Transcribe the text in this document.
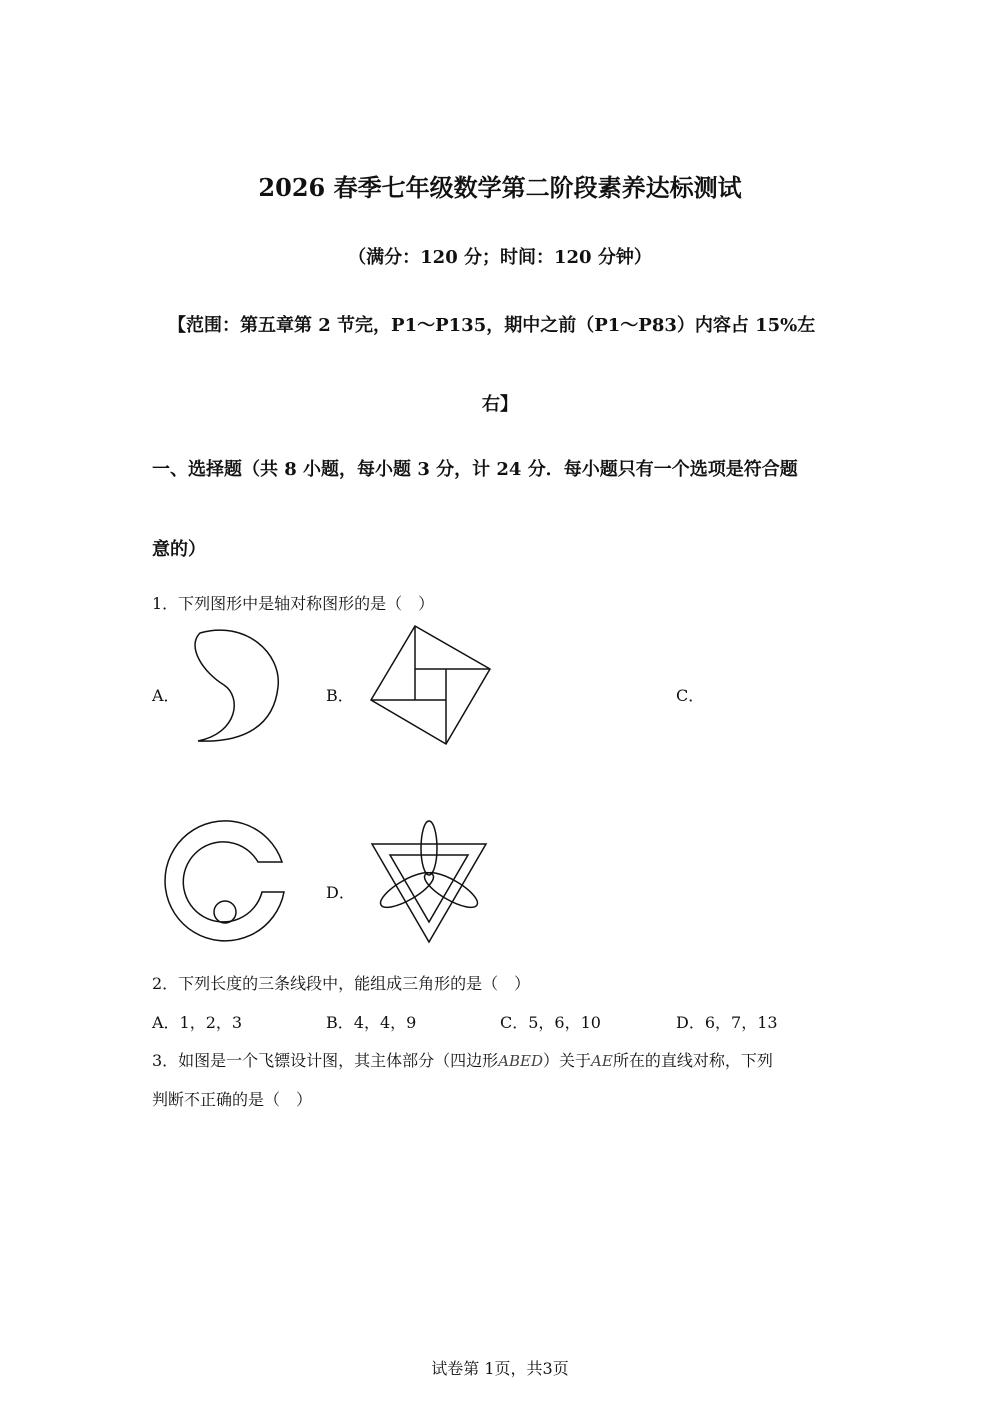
2026 春季七年级数学第二阶段素养达标测试
（满分：120 分；时间：120 分钟）
【范围：第五章第 2 节完，P1～P135，期中之前（P1～P83）内容占 15%左
右】
一、选择题（共 8 小题，每小题 3 分，计 24 分．每小题只有一个选项是符合题
意的）
1．下列图形中是轴对称图形的是（　）
A．	B．	C．
D．
2．下列长度的三条线段中，能组成三角形的是（　）
A．1，2，3	B．4，4，9	C．5，6，10	D．6，7，13
3．如图是一个飞镖设计图，其主体部分（四边形ABED）关于AE所在的直线对称，下列
判断不正确的是（　）
试卷第 1页，共3页
